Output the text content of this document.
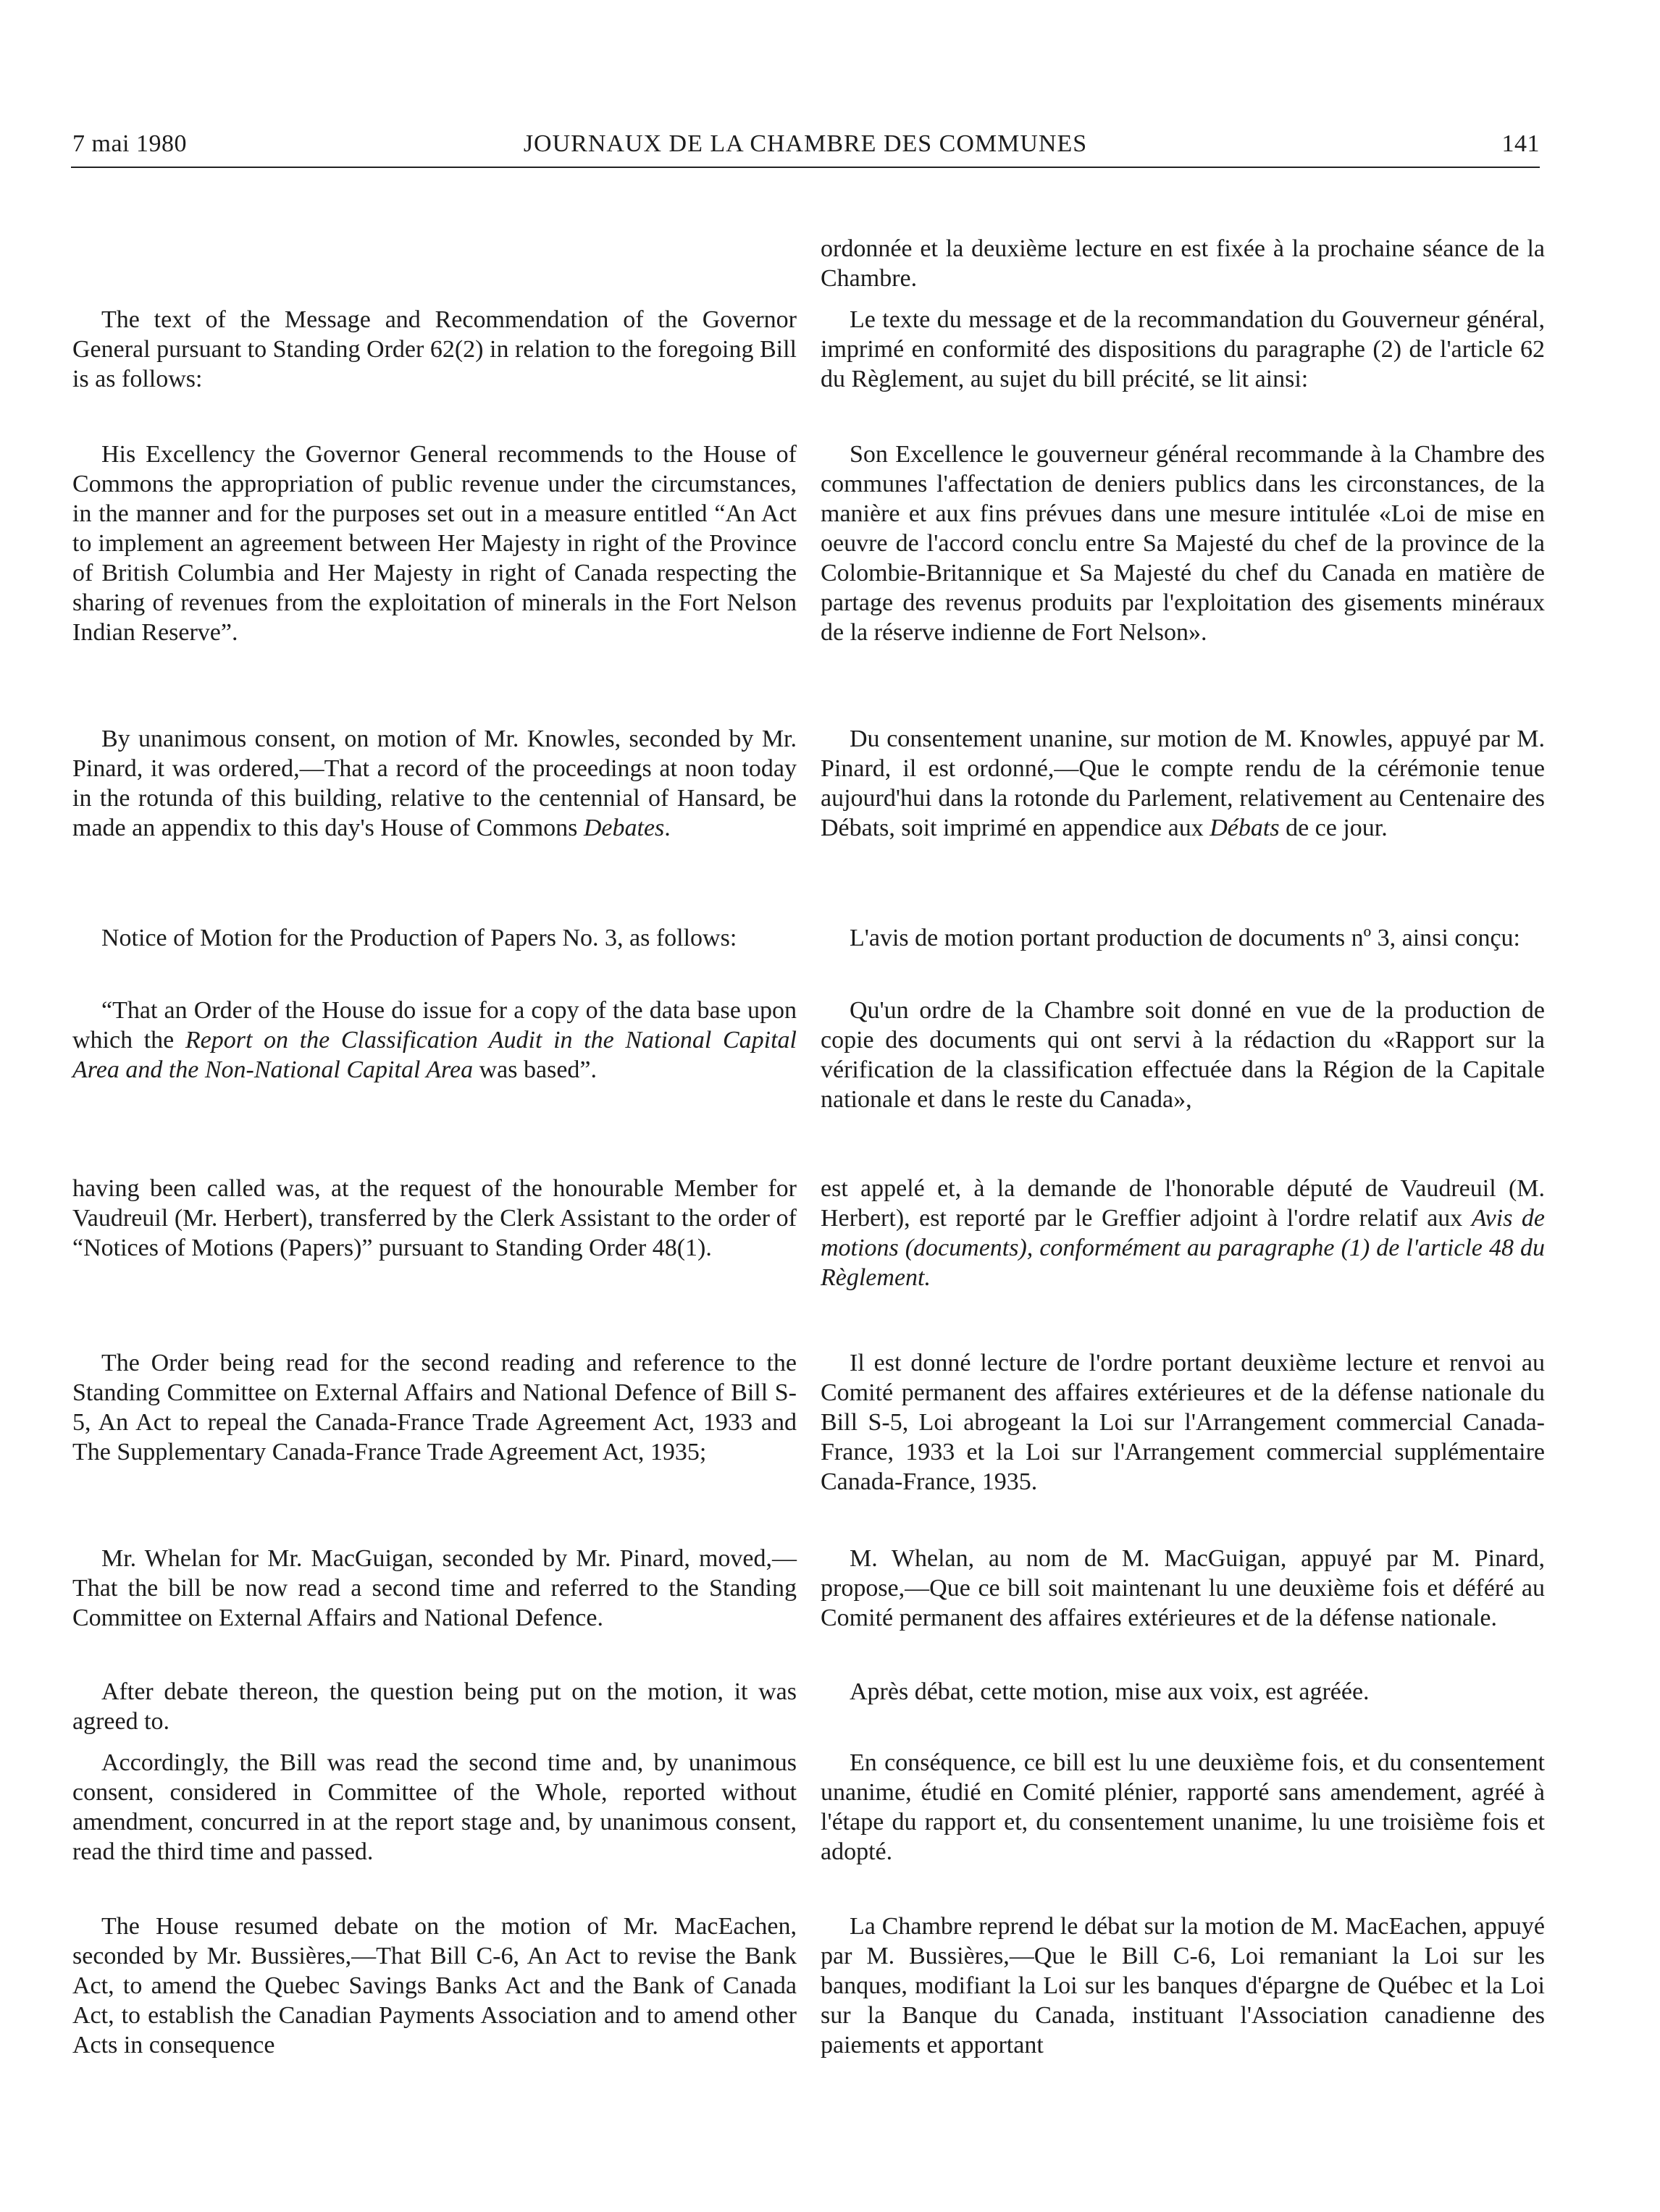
7 mai 1980	JOURNAUX DE LA CHAMBRE DES COMMUNES	141

The text of the Message and Recommendation of the Governor General pursuant to Standing Order 62(2) in relation to the foregoing Bill is as follows:

His Excellency the Governor General recommends to the House of Commons the appropriation of public revenue under the circumstances, in the manner and for the purposes set out in a measure entitled “An Act to implement an agreement between Her Majesty in right of the Province of British Columbia and Her Majesty in right of Canada respecting the sharing of revenues from the exploitation of minerals in the Fort Nelson Indian Reserve”.

By unanimous consent, on motion of Mr. Knowles, seconded by Mr. Pinard, it was ordered,—That a record of the proceedings at noon today in the rotunda of this building, relative to the centennial of Hansard, be made an appendix to this day's House of Commons Debates.

Notice of Motion for the Production of Papers No. 3, as follows:

“That an Order of the House do issue for a copy of the data base upon which the Report on the Classification Audit in the National Capital Area and the Non-National Capital Area was based”.

having been called was, at the request of the honourable Member for Vaudreuil (Mr. Herbert), transferred by the Clerk Assistant to the order of “Notices of Motions (Papers)” pursuant to Standing Order 48(1).

The Order being read for the second reading and reference to the Standing Committee on External Affairs and National Defence of Bill S-5, An Act to repeal the Canada-France Trade Agreement Act, 1933 and The Supplementary Canada-France Trade Agreement Act, 1935;

Mr. Whelan for Mr. MacGuigan, seconded by Mr. Pinard, moved,—That the bill be now read a second time and referred to the Standing Committee on External Affairs and National Defence.

After debate thereon, the question being put on the motion, it was agreed to.

Accordingly, the Bill was read the second time and, by unanimous consent, considered in Committee of the Whole, reported without amendment, concurred in at the report stage and, by unanimous consent, read the third time and passed.

The House resumed debate on the motion of Mr. MacEachen, seconded by Mr. Bussières,—That Bill C-6, An Act to revise the Bank Act, to amend the Quebec Savings Banks Act and the Bank of Canada Act, to establish the Canadian Payments Association and to amend other Acts in consequence

ordonnée et la deuxième lecture en est fixée à la prochaine séance de la Chambre.

Le texte du message et de la recommandation du Gouverneur général, imprimé en conformité des dispositions du paragraphe (2) de l'article 62 du Règlement, au sujet du bill précité, se lit ainsi:

Son Excellence le gouverneur général recommande à la Chambre des communes l'affectation de deniers publics dans les circonstances, de la manière et aux fins prévues dans une mesure intitulée «Loi de mise en oeuvre de l'accord conclu entre Sa Majesté du chef de la province de la Colombie-Britannique et Sa Majesté du chef du Canada en matière de partage des revenus produits par l'exploitation des gisements minéraux de la réserve indienne de Fort Nelson».

Du consentement unanine, sur motion de M. Knowles, appuyé par M. Pinard, il est ordonné,—Que le compte rendu de la cérémonie tenue aujourd'hui dans la rotonde du Parlement, relativement au Centenaire des Débats, soit imprimé en appendice aux Débats de ce jour.

L'avis de motion portant production de documents nº 3, ainsi conçu:

Qu'un ordre de la Chambre soit donné en vue de la production de copie des documents qui ont servi à la rédaction du «Rapport sur la vérification de la classification effectuée dans la Région de la Capitale nationale et dans le reste du Canada»,

est appelé et, à la demande de l'honorable député de Vaudreuil (M. Herbert), est reporté par le Greffier adjoint à l'ordre relatif aux Avis de motions (documents), conformément au paragraphe (1) de l'article 48 du Règlement.

Il est donné lecture de l'ordre portant deuxième lecture et renvoi au Comité permanent des affaires extérieures et de la défense nationale du Bill S-5, Loi abrogeant la Loi sur l'Arrangement commercial Canada-France, 1933 et la Loi sur l'Arrangement commercial supplémentaire Canada-France, 1935.

M. Whelan, au nom de M. MacGuigan, appuyé par M. Pinard, propose,—Que ce bill soit maintenant lu une deuxième fois et déféré au Comité permanent des affaires extérieures et de la défense nationale.

Après débat, cette motion, mise aux voix, est agréée.

En conséquence, ce bill est lu une deuxième fois, et du consentement unanime, étudié en Comité plénier, rapporté sans amendement, agréé à l'étape du rapport et, du consentement unanime, lu une troisième fois et adopté.

La Chambre reprend le débat sur la motion de M. MacEachen, appuyé par M. Bussières,—Que le Bill C-6, Loi remaniant la Loi sur les banques, modifiant la Loi sur les banques d'épargne de Québec et la Loi sur la Banque du Canada, instituant l'Association canadienne des paiements et apportant
